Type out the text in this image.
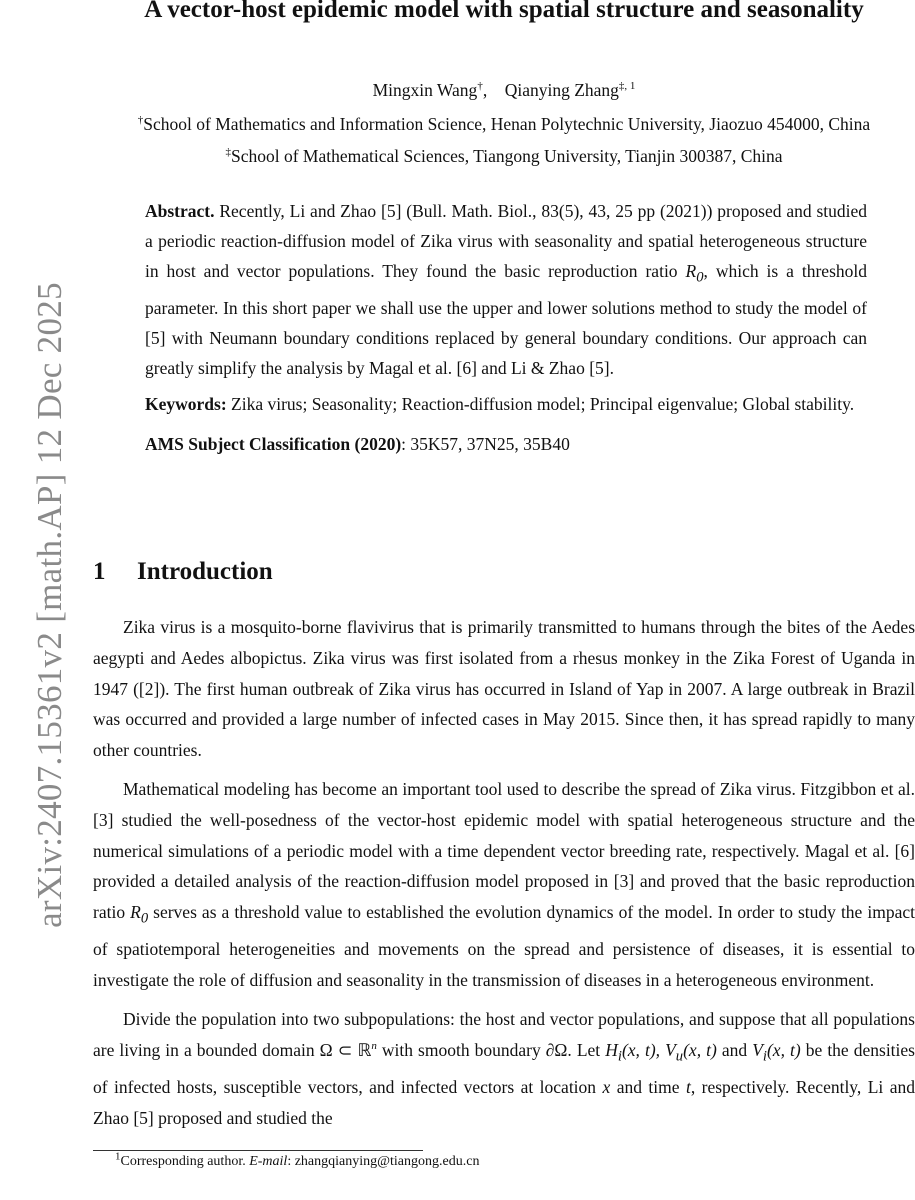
arXiv:2407.15361v2 [math.AP] 12 Dec 2025
A vector-host epidemic model with spatial structure and seasonality
Mingxin Wang†,    Qianying Zhang$^{\ddagger, 1}$
†School of Mathematics and Information Science, Henan Polytechnic University, Jiaozuo 454000, China
‡School of Mathematical Sciences, Tiangong University, Tianjin 300387, China

Abstract. Recently, Li and Zhao [5] (Bull. Math. Biol., 83(5), 43, 25 pp (2021)) proposed and studied a periodic reaction-diffusion model of Zika virus with seasonality and spatial heterogeneous structure in host and vector populations. They found the basic reproduction ratio $R_0$, which is a threshold parameter. In this short paper we shall use the upper and lower solutions method to study the model of [5] with Neumann boundary conditions replaced by general boundary conditions. Our approach can greatly simplify the analysis by Magal et al. [6] and Li & Zhao [5].

Keywords: Zika virus; Seasonality; Reaction-diffusion model; Principal eigenvalue; Global stability.

AMS Subject Classification (2020): 35K57, 37N25, 35B40

1 Introduction

Zika virus is a mosquito-borne flavivirus that is primarily transmitted to humans through the bites of the Aedes aegypti and Aedes albopictus. Zika virus was first isolated from a rhesus monkey in the Zika Forest of Uganda in 1947 ([2]). The first human outbreak of Zika virus has occurred in Island of Yap in 2007. A large outbreak in Brazil was occurred and provided a large number of infected cases in May 2015. Since then, it has spread rapidly to many other countries.

Mathematical modeling has become an important tool used to describe the spread of Zika virus. Fitzgibbon et al. [3] studied the well-posedness of the vector-host epidemic model with spatial heterogeneous structure and the numerical simulations of a periodic model with a time dependent vector breeding rate, respectively. Magal et al. [6] provided a detailed analysis of the reaction-diffusion model proposed in [3] and proved that the basic reproduction ratio $R_0$ serves as a threshold value to established the evolution dynamics of the model. In order to study the impact of spatiotemporal heterogeneities and movements on the spread and persistence of diseases, it is essential to investigate the role of diffusion and seasonality in the transmission of diseases in a heterogeneous environment.

Divide the population into two subpopulations: the host and vector populations, and suppose that all populations are living in a bounded domain Ω ⊂ ℝ$^n$ with smooth boundary ∂Ω. Let $H_i(x$, t), $V_u(x$, t) and $V_i(x$, t) be the densities of infected hosts, susceptible vectors, and infected vectors at location x and time t, respectively. Recently, Li and Zhao [5] proposed and studied the

$^1$Corresponding author. E-mail: zhangqianying@tiangong.edu.cn
